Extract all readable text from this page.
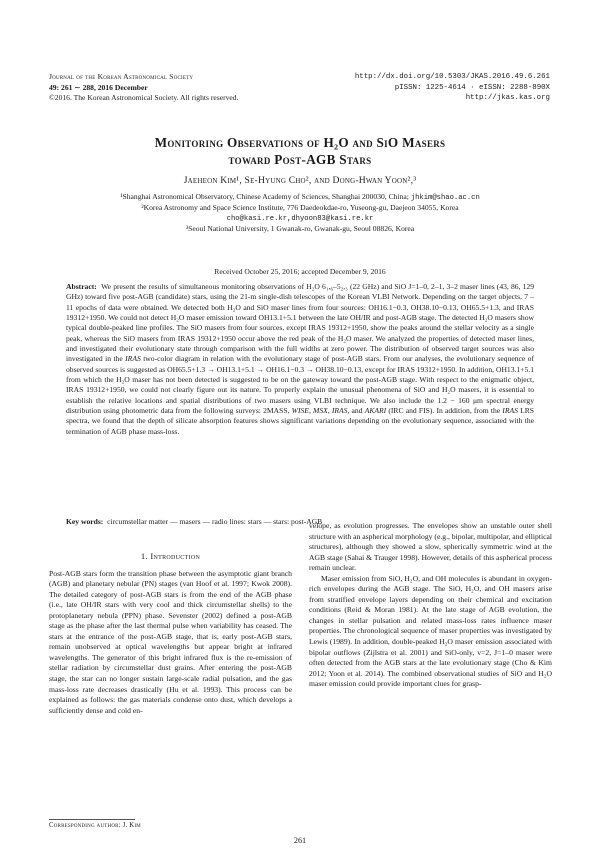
Journal of the Korean Astronomical Society
49: 261 ∼ 288, 2016 December
©2016. The Korean Astronomical Society. All rights reserved.
http://dx.doi.org/10.5303/JKAS.2016.49.6.261
pISSN: 1225-4614 · eISSN: 2288-890X
http://jkas.kas.org
Monitoring Observations of H₂O and SiO Masers
toward Post-AGB Stars
Jaeheon Kim¹, Se-Hyung Cho², and Dong-Hwan Yoon²,³
¹Shanghai Astronomical Observatory, Chinese Academy of Sciences, Shanghai 200030, China; jhkim@shao.ac.cn
²Korea Astronomy and Space Science Institute, 776 Daedeokdae-ro, Yuseong-gu, Daejeon 34055, Korea
cho@kasi.re.kr,dhyoon83@kasi.re.kr
³Seoul National University, 1 Gwanak-ro, Gwanak-gu, Seoul 08826, Korea
Received October 25, 2016; accepted December 9, 2016
Abstract: We present the results of simultaneous monitoring observations of H₂O 6₁,₆–5₂,₃ (22 GHz) and SiO J=1–0, 2–1, 3–2 maser lines (43, 86, 129 GHz) toward five post-AGB (candidate) stars, using the 21-m single-dish telescopes of the Korean VLBI Network. Depending on the target objects, 7 – 11 epochs of data were obtained. We detected both H₂O and SiO maser lines from four sources: OH16.1−0.3, OH38.10−0.13, OH65.5+1.3, and IRAS 19312+1950. We could not detect H₂O maser emission toward OH13.1+5.1 between the late OH/IR and post-AGB stage. The detected H₂O masers show typical double-peaked line profiles. The SiO masers from four sources, except IRAS 19312+1950, show the peaks around the stellar velocity as a single peak, whereas the SiO masers from IRAS 19312+1950 occur above the red peak of the H₂O maser. We analyzed the properties of detected maser lines, and investigated their evolutionary state through comparison with the full widths at zero power. The distribution of observed target sources was also investigated in the IRAS two-color diagram in relation with the evolutionary stage of post-AGB stars. From our analyses, the evolutionary sequence of observed sources is suggested as OH65.5+1.3 → OH13.1+5.1 → OH16.1−0.3 → OH38.10−0.13, except for IRAS 19312+1950. In addition, OH13.1+5.1 from which the H₂O maser has not been detected is suggested to be on the gateway toward the post-AGB stage. With respect to the enigmatic object, IRAS 19312+1950, we could not clearly figure out its nature. To properly explain the unusual phenomena of SiO and H₂O masers, it is essential to establish the relative locations and spatial distributions of two masers using VLBI technique. We also include the 1.2 − 160 μm spectral energy distribution using photometric data from the following surveys: 2MASS, WISE, MSX, IRAS, and AKARI (IRC and FIS). In addition, from the IRAS LRS spectra, we found that the depth of silicate absorption features shows significant variations depending on the evolutionary sequence, associated with the termination of AGB phase mass-loss.
Key words: circumstellar matter — masers — radio lines: stars — stars: post-AGB
1. Introduction

Post-AGB stars form the transition phase between the asymptotic giant branch (AGB) and planetary nebular (PN) stages (van Hoof et al. 1997; Kwok 2008). The detailed category of post-AGB stars is from the end of the AGB phase (i.e., late OH/IR stars with very cool and thick circumstellar shells) to the protoplanetary nebula (PPN) phase. Sevenster (2002) defined a post-AGB stage as the phase after the last thermal pulse when variability has ceased. The stars at the entrance of the post-AGB stage, that is, early post-AGB stars, remain unobserved at optical wavelengths but appear bright at infrared wavelengths. The generator of this bright infrared flux is the re-emission of stellar radiation by circumstellar dust grains. After entering the post-AGB stage, the star can no longer sustain large-scale radial pulsation, and the gas mass-loss rate decreases drastically (Hu et al. 1993). This process can be explained as follows: the gas materials condense onto dust, which develops a sufficiently dense and cold en-

velope, as evolution progresses. The envelopes show an unstable outer shell structure with an aspherical morphology (e.g., bipolar, multipolar, and elliptical structures), although they showed a slow, spherically symmetric wind at the AGB stage (Sahai & Trauger 1998). However, details of this aspherical process remain unclear.

Maser emission from SiO, H₂O, and OH molecules is abundant in oxygen-rich envelopes during the AGB stage. The SiO, H₂O, and OH masers arise from stratified envelope layers depending on their chemical and excitation conditions (Reid & Moran 1981). At the late stage of AGB evolution, the changes in stellar pulsation and related mass-loss rates influence maser properties. The chronological sequence of maser properties was investigated by Lewis (1989). In addition, double-peaked H₂O maser emission associated with bipolar outflows (Zijlstra et al. 2001) and SiO-only, v=2, J=1–0 maser were often detected from the AGB stars at the late evolutionary stage (Cho & Kim 2012; Yoon et al. 2014). The combined observational studies of SiO and H₂O maser emission could provide important clues for grasp-

Corresponding author: J. Kim
261
